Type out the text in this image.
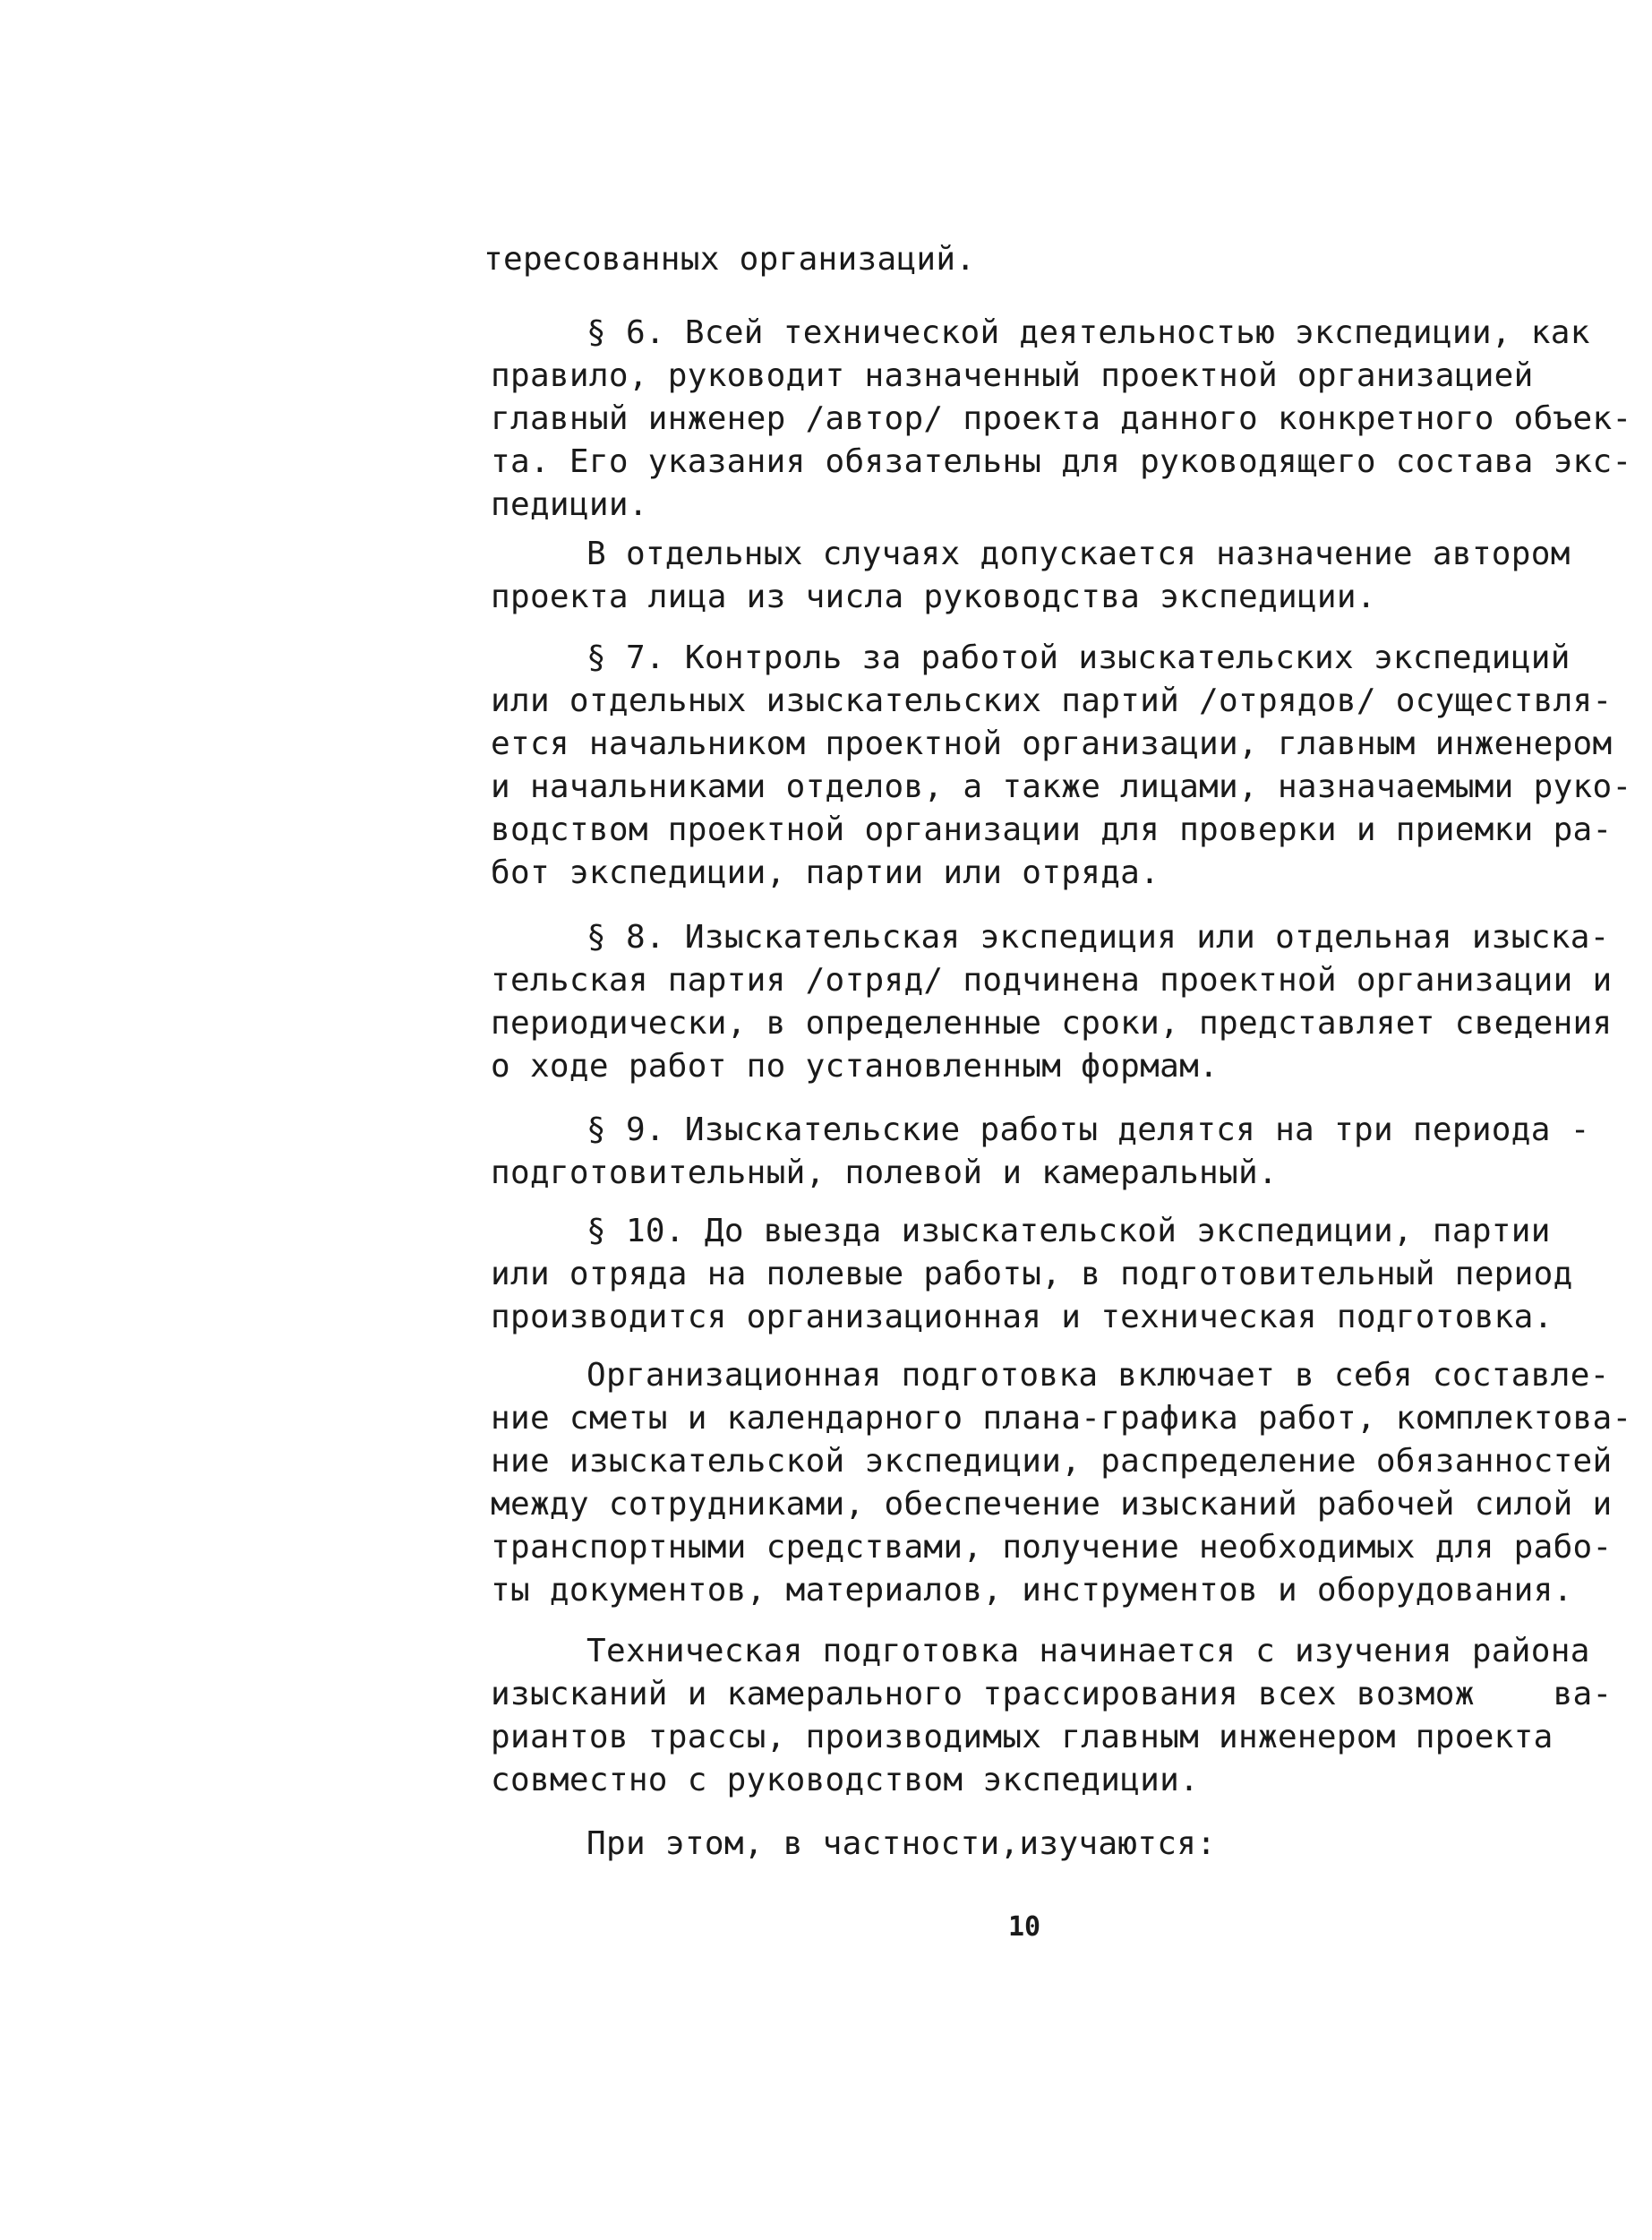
тересованных организаций.
§ 6. Всей технической деятельностью экспедиции, как
правило, руководит назначенный проектной организацией
главный инженер /автор/ проекта данного конкретного объек-
та. Его указания обязательны для руководящего состава экс-
педиции.
В отдельных случаях допускается назначение автором
проекта лица из числа руководства экспедиции.
§ 7. Контроль за работой изыскательских экспедиций
или отдельных изыскательских партий /отрядов/ осуществля-
ется начальником проектной организации, главным инженером
и начальниками отделов, а также лицами, назначаемыми руко-
водством проектной организации для проверки и приемки ра-
бот экспедиции, партии или отряда.
§ 8. Изыскательская экспедиция или отдельная изыска-
тельская партия /отряд/ подчинена проектной организации и
периодически, в определенные сроки, представляет сведения
о ходе работ по установленным формам.
§ 9. Изыскательские работы делятся на три периода -
подготовительный, полевой и камеральный.
§ 10. До выезда изыскательской экспедиции, партии
или отряда на полевые работы, в подготовительный период
производится организационная и техническая подготовка.
Организационная подготовка включает в себя составле-
ние сметы и календарного плана-графика работ, комплектова-
ние изыскательской экспедиции, распределение обязанностей
между сотрудниками, обеспечение изысканий рабочей силой и
транспортными средствами, получение необходимых для рабо-
ты документов, материалов, инструментов и оборудования.
Техническая подготовка начинается с изучения района
изысканий и камерального трассирования всех возмож    ва-
риантов трассы, производимых главным инженером проекта
совместно с руководством экспедиции.
При этом, в частности,изучаются:
10
